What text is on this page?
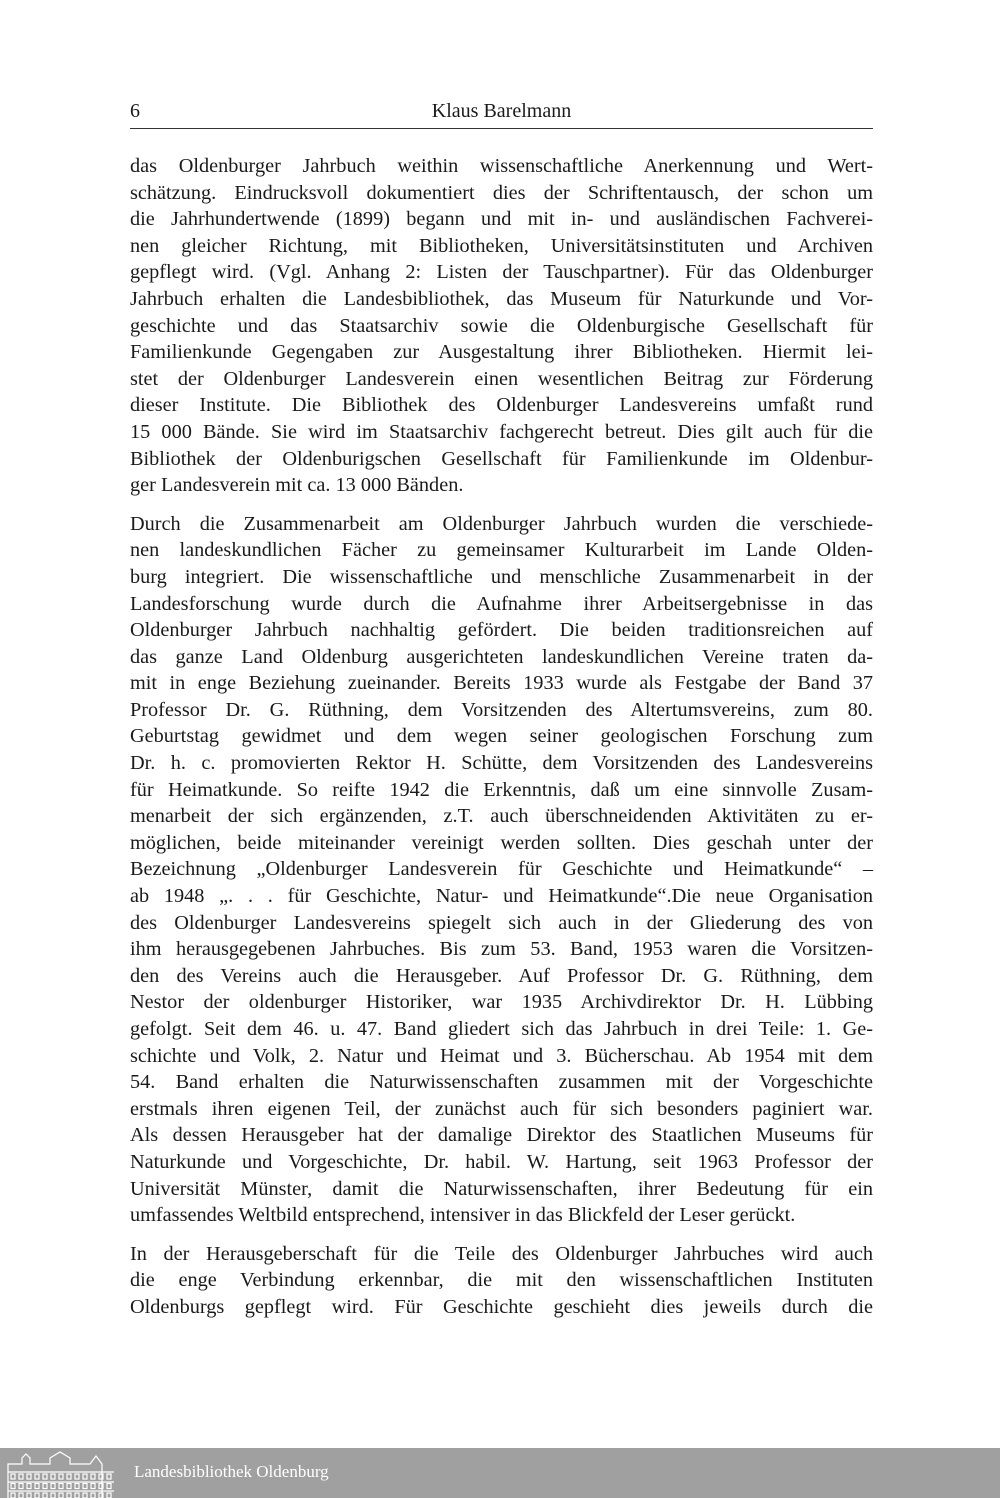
6	Klaus Barelmann
das Oldenburger Jahrbuch weithin wissenschaftliche Anerkennung und Wert-
schätzung. Eindrucksvoll dokumentiert dies der Schriftentausch, der schon um
die Jahrhundertwende (1899) begann und mit in- und ausländischen Fachverei-
nen gleicher Richtung, mit Bibliotheken, Universitätsinstituten und Archiven
gepflegt wird. (Vgl. Anhang 2: Listen der Tauschpartner). Für das Oldenburger
Jahrbuch erhalten die Landesbibliothek, das Museum für Naturkunde und Vor-
geschichte und das Staatsarchiv sowie die Oldenburgische Gesellschaft für
Familienkunde Gegengaben zur Ausgestaltung ihrer Bibliotheken. Hiermit lei-
stet der Oldenburger Landesverein einen wesentlichen Beitrag zur Förderung
dieser Institute. Die Bibliothek des Oldenburger Landesvereins umfaßt rund
15 000 Bände. Sie wird im Staatsarchiv fachgerecht betreut. Dies gilt auch für die
Bibliothek der Oldenburigschen Gesellschaft für Familienkunde im Oldenbur-
ger Landesverein mit ca. 13 000 Bänden.
Durch die Zusammenarbeit am Oldenburger Jahrbuch wurden die verschiede-
nen landeskundlichen Fächer zu gemeinsamer Kulturarbeit im Lande Olden-
burg integriert. Die wissenschaftliche und menschliche Zusammenarbeit in der
Landesforschung wurde durch die Aufnahme ihrer Arbeitsergebnisse in das
Oldenburger Jahrbuch nachhaltig gefördert. Die beiden traditionsreichen auf
das ganze Land Oldenburg ausgerichteten landeskundlichen Vereine traten da-
mit in enge Beziehung zueinander. Bereits 1933 wurde als Festgabe der Band 37
Professor Dr. G. Rüthning, dem Vorsitzenden des Altertumsvereins, zum 80.
Geburtstag gewidmet und dem wegen seiner geologischen Forschung zum
Dr. h. c. promovierten Rektor H. Schütte, dem Vorsitzenden des Landesvereins
für Heimatkunde. So reifte 1942 die Erkenntnis, daß um eine sinnvolle Zusam-
menarbeit der sich ergänzenden, z.T. auch überschneidenden Aktivitäten zu er-
möglichen, beide miteinander vereinigt werden sollten. Dies geschah unter der
Bezeichnung „Oldenburger Landesverein für Geschichte und Heimatkunde“ –
ab 1948 „. . . für Geschichte, Natur- und Heimatkunde“.Die neue Organisation
des Oldenburger Landesvereins spiegelt sich auch in der Gliederung des von
ihm herausgegebenen Jahrbuches. Bis zum 53. Band, 1953 waren die Vorsitzen-
den des Vereins auch die Herausgeber. Auf Professor Dr. G. Rüthning, dem
Nestor der oldenburger Historiker, war 1935 Archivdirektor Dr. H. Lübbing
gefolgt. Seit dem 46. u. 47. Band gliedert sich das Jahrbuch in drei Teile: 1. Ge-
schichte und Volk, 2. Natur und Heimat und 3. Bücherschau. Ab 1954 mit dem
54. Band erhalten die Naturwissenschaften zusammen mit der Vorgeschichte
erstmals ihren eigenen Teil, der zunächst auch für sich besonders paginiert war.
Als dessen Herausgeber hat der damalige Direktor des Staatlichen Museums für
Naturkunde und Vorgeschichte, Dr. habil. W. Hartung, seit 1963 Professor der
Universität Münster, damit die Naturwissenschaften, ihrer Bedeutung für ein
umfassendes Weltbild entsprechend, intensiver in das Blickfeld der Leser gerückt.
In der Herausgeberschaft für die Teile des Oldenburger Jahrbuches wird auch
die enge Verbindung erkennbar, die mit den wissenschaftlichen Instituten
Oldenburgs gepflegt wird. Für Geschichte geschieht dies jeweils durch die
Landesbibliothek Oldenburg
